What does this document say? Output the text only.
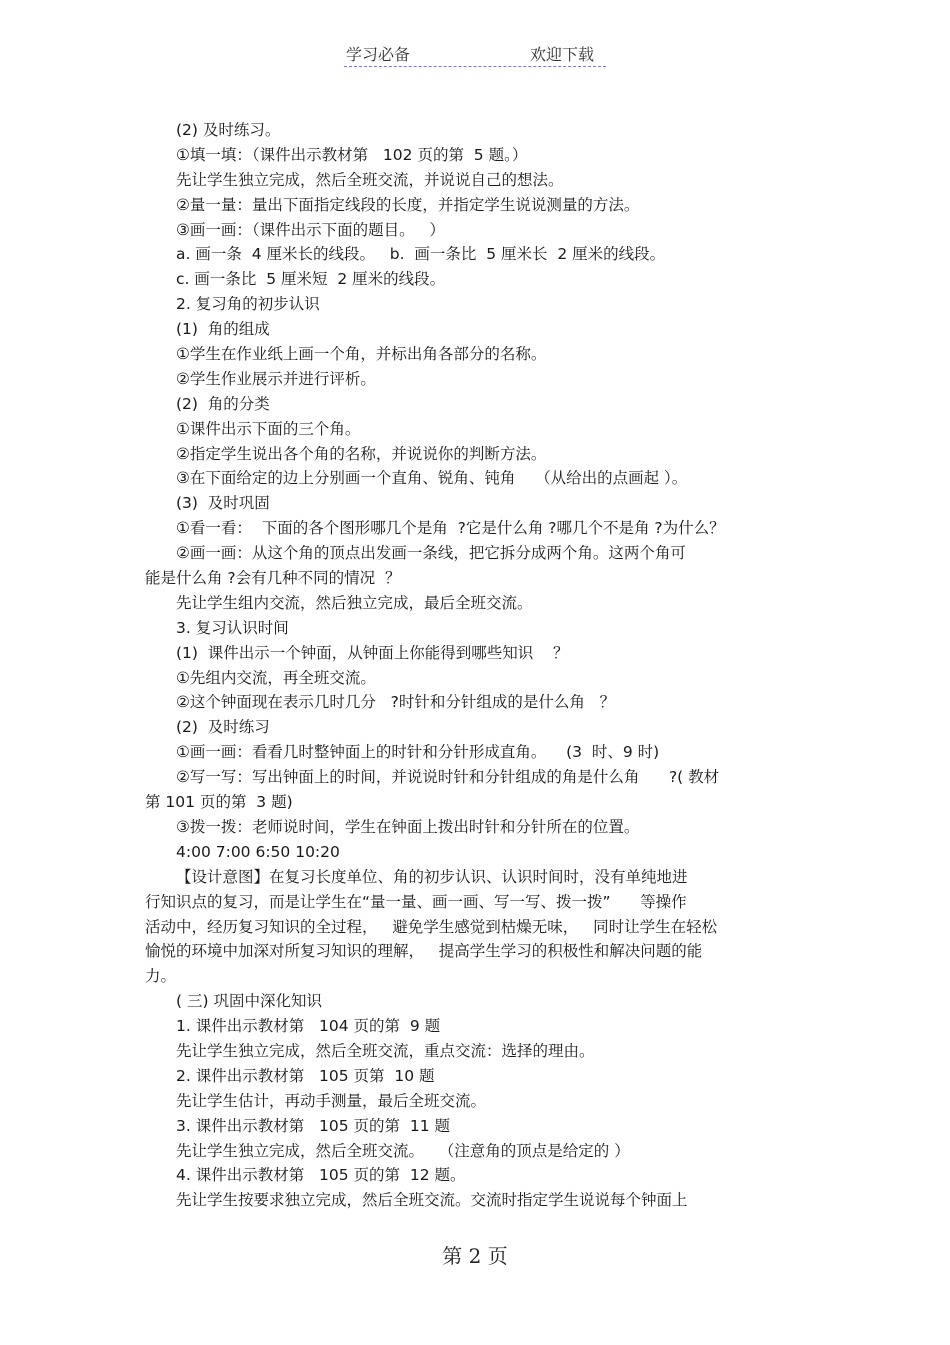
学习必备	欢迎下载
(2) 及时练习。
①填一填：（课件出示教材第   102 页的第  5 题。）
先让学生独立完成，然后全班交流，并说说自己的想法。
②量一量：量出下面指定线段的长度，并指定学生说说测量的方法。
③画一画：（课件出示下面的题目。   ）
a. 画一条  4 厘米长的线段。   b.  画一条比  5 厘米长  2 厘米的线段。
c. 画一条比  5 厘米短  2 厘米的线段。
2. 复习角的初步认识
(1)  角的组成
①学生在作业纸上画一个角，并标出角各部分的名称。
②学生作业展示并进行评析。
(2)  角的分类
①课件出示下面的三个角。
②指定学生说出各个角的名称，并说说你的判断方法。
③在下面给定的边上分别画一个直角、锐角、钝角    （从给出的点画起 ）。
(3)  及时巩固
①看一看：  下面的各个图形哪几个是角  ?它是什么角 ?哪几个不是角 ?为什么？
②画一画：从这个角的顶点出发画一条线，把它拆分成两个角。这两个角可
能是什么角 ?会有几种不同的情况  ？
先让学生组内交流，然后独立完成，最后全班交流。
3. 复习认识时间
(1)  课件出示一个钟面，从钟面上你能得到哪些知识    ？
①先组内交流，再全班交流。
②这个钟面现在表示几时几分   ?时针和分针组成的是什么角   ？
(2)  及时练习
①画一画：看看几时整钟面上的时针和分针形成直角。    (3  时、9 时)
②写一写：写出钟面上的时间，并说说时针和分针组成的角是什么角      ?( 教材
第 101 页的第  3 题)
③拨一拨：老师说时间，学生在钟面上拨出时针和分针所在的位置。
4:00 7:00 6:50 10:20
【设计意图】在复习长度单位、角的初步认识、认识时间时，没有单纯地进
行知识点的复习，而是让学生在“量一量、画一画、写一写、拨一拨”      等操作
活动中，经历复习知识的全过程，   避免学生感觉到枯燥无味，   同时让学生在轻松
愉悦的环境中加深对所复习知识的理解，   提高学生学习的积极性和解决问题的能
力。
( 三) 巩固中深化知识
1. 课件出示教材第   104 页的第  9 题
先让学生独立完成，然后全班交流，重点交流：选择的理由。
2. 课件出示教材第   105 页第  10 题
先让学生估计，再动手测量，最后全班交流。
3. 课件出示教材第   105 页的第  11 题
先让学生独立完成，然后全班交流。   （注意角的顶点是给定的 ）
4. 课件出示教材第   105 页的第  12 题。
先让学生按要求独立完成，然后全班交流。交流时指定学生说说每个钟面上
第 2 页
